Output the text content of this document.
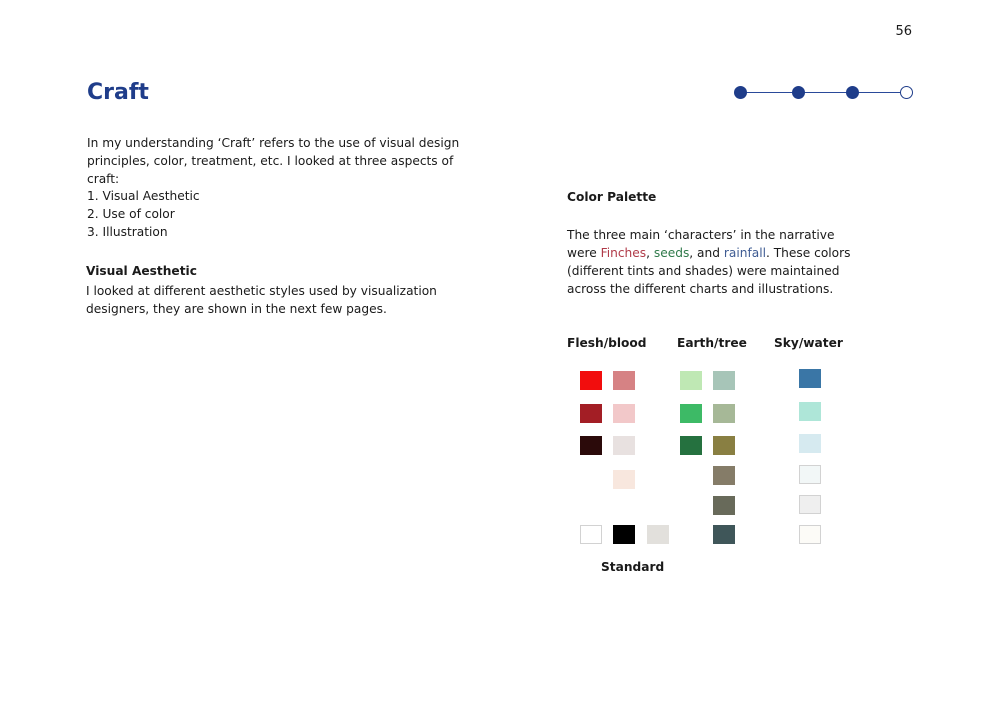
56
Craft

In my understanding ‘Craft’ refers to the use of visual design principles, color, treatment, etc. I looked at three aspects of craft:

1. Visual Aesthetic
2. Use of color
3. Illustration
Visual Aesthetic

I looked at different aesthetic styles used by visualization designers, they are shown in the next few pages.

Color Palette

The three main ‘characters’ in the narrative were Finches, seeds, and rainfall. These colors (different tints and shades) were maintained across the different charts and illustrations.

Flesh/blood Earth/tree Sky/water
Standard
